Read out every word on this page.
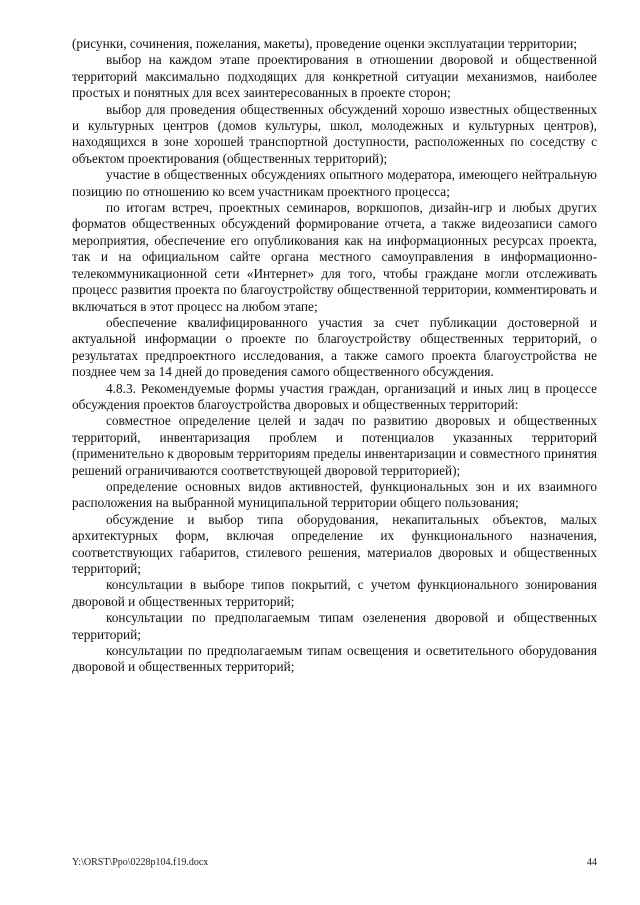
(рисунки, сочинения, пожелания, макеты), проведение оценки эксплуатации территории;

выбор на каждом этапе проектирования в отношении дворовой и общественной территорий максимально подходящих для конкретной ситуации механизмов, наиболее простых и понятных для всех заинтересованных в проекте сторон;

выбор для проведения общественных обсуждений хорошо известных общественных и культурных центров (домов культуры, школ, молодежных и культурных центров), находящихся в зоне хорошей транспортной доступности, расположенных по соседству с объектом проектирования (общественных территорий);

участие в общественных обсуждениях опытного модератора, имеющего нейтральную позицию по отношению ко всем участникам проектного процесса;

по итогам встреч, проектных семинаров, воркшопов, дизайн-игр и любых других форматов общественных обсуждений формирование отчета, а также видеозаписи самого мероприятия, обеспечение его опубликования как на информационных ресурсах проекта, так и на официальном сайте органа местного самоуправления в информационно-телекоммуникационной сети «Интернет» для того, чтобы граждане могли отслеживать процесс развития проекта по благоустройству общественной территории, комментировать и включаться в этот процесс на любом этапе;

обеспечение квалифицированного участия за счет публикации достоверной и актуальной информации о проекте по благоустройству общественных территорий, о результатах предпроектного исследования, а также самого проекта благоустройства не позднее чем за 14 дней до проведения самого общественного обсуждения.

4.8.3. Рекомендуемые формы участия граждан, организаций и иных лиц в процессе обсуждения проектов благоустройства дворовых и общественных территорий:

совместное определение целей и задач по развитию дворовых и общественных территорий, инвентаризация проблем и потенциалов указанных территорий (применительно к дворовым территориям пределы инвентаризации и совместного принятия решений ограничиваются соответствующей дворовой территорией);

определение основных видов активностей, функциональных зон и их взаимного расположения на выбранной муниципальной территории общего пользования;

обсуждение и выбор типа оборудования, некапитальных объектов, малых архитектурных форм, включая определение их функционального назначения, соответствующих габаритов, стилевого решения, материалов дворовых и общественных территорий;

консультации в выборе типов покрытий, с учетом функционального зонирования дворовой и общественных территорий;

консультации по предполагаемым типам озеленения дворовой и общественных территорий;

консультации по предполагаемым типам освещения и осветительного оборудования дворовой и общественных территорий;

Y:\ORST\Ppo\0228p104.f19.docx	44
